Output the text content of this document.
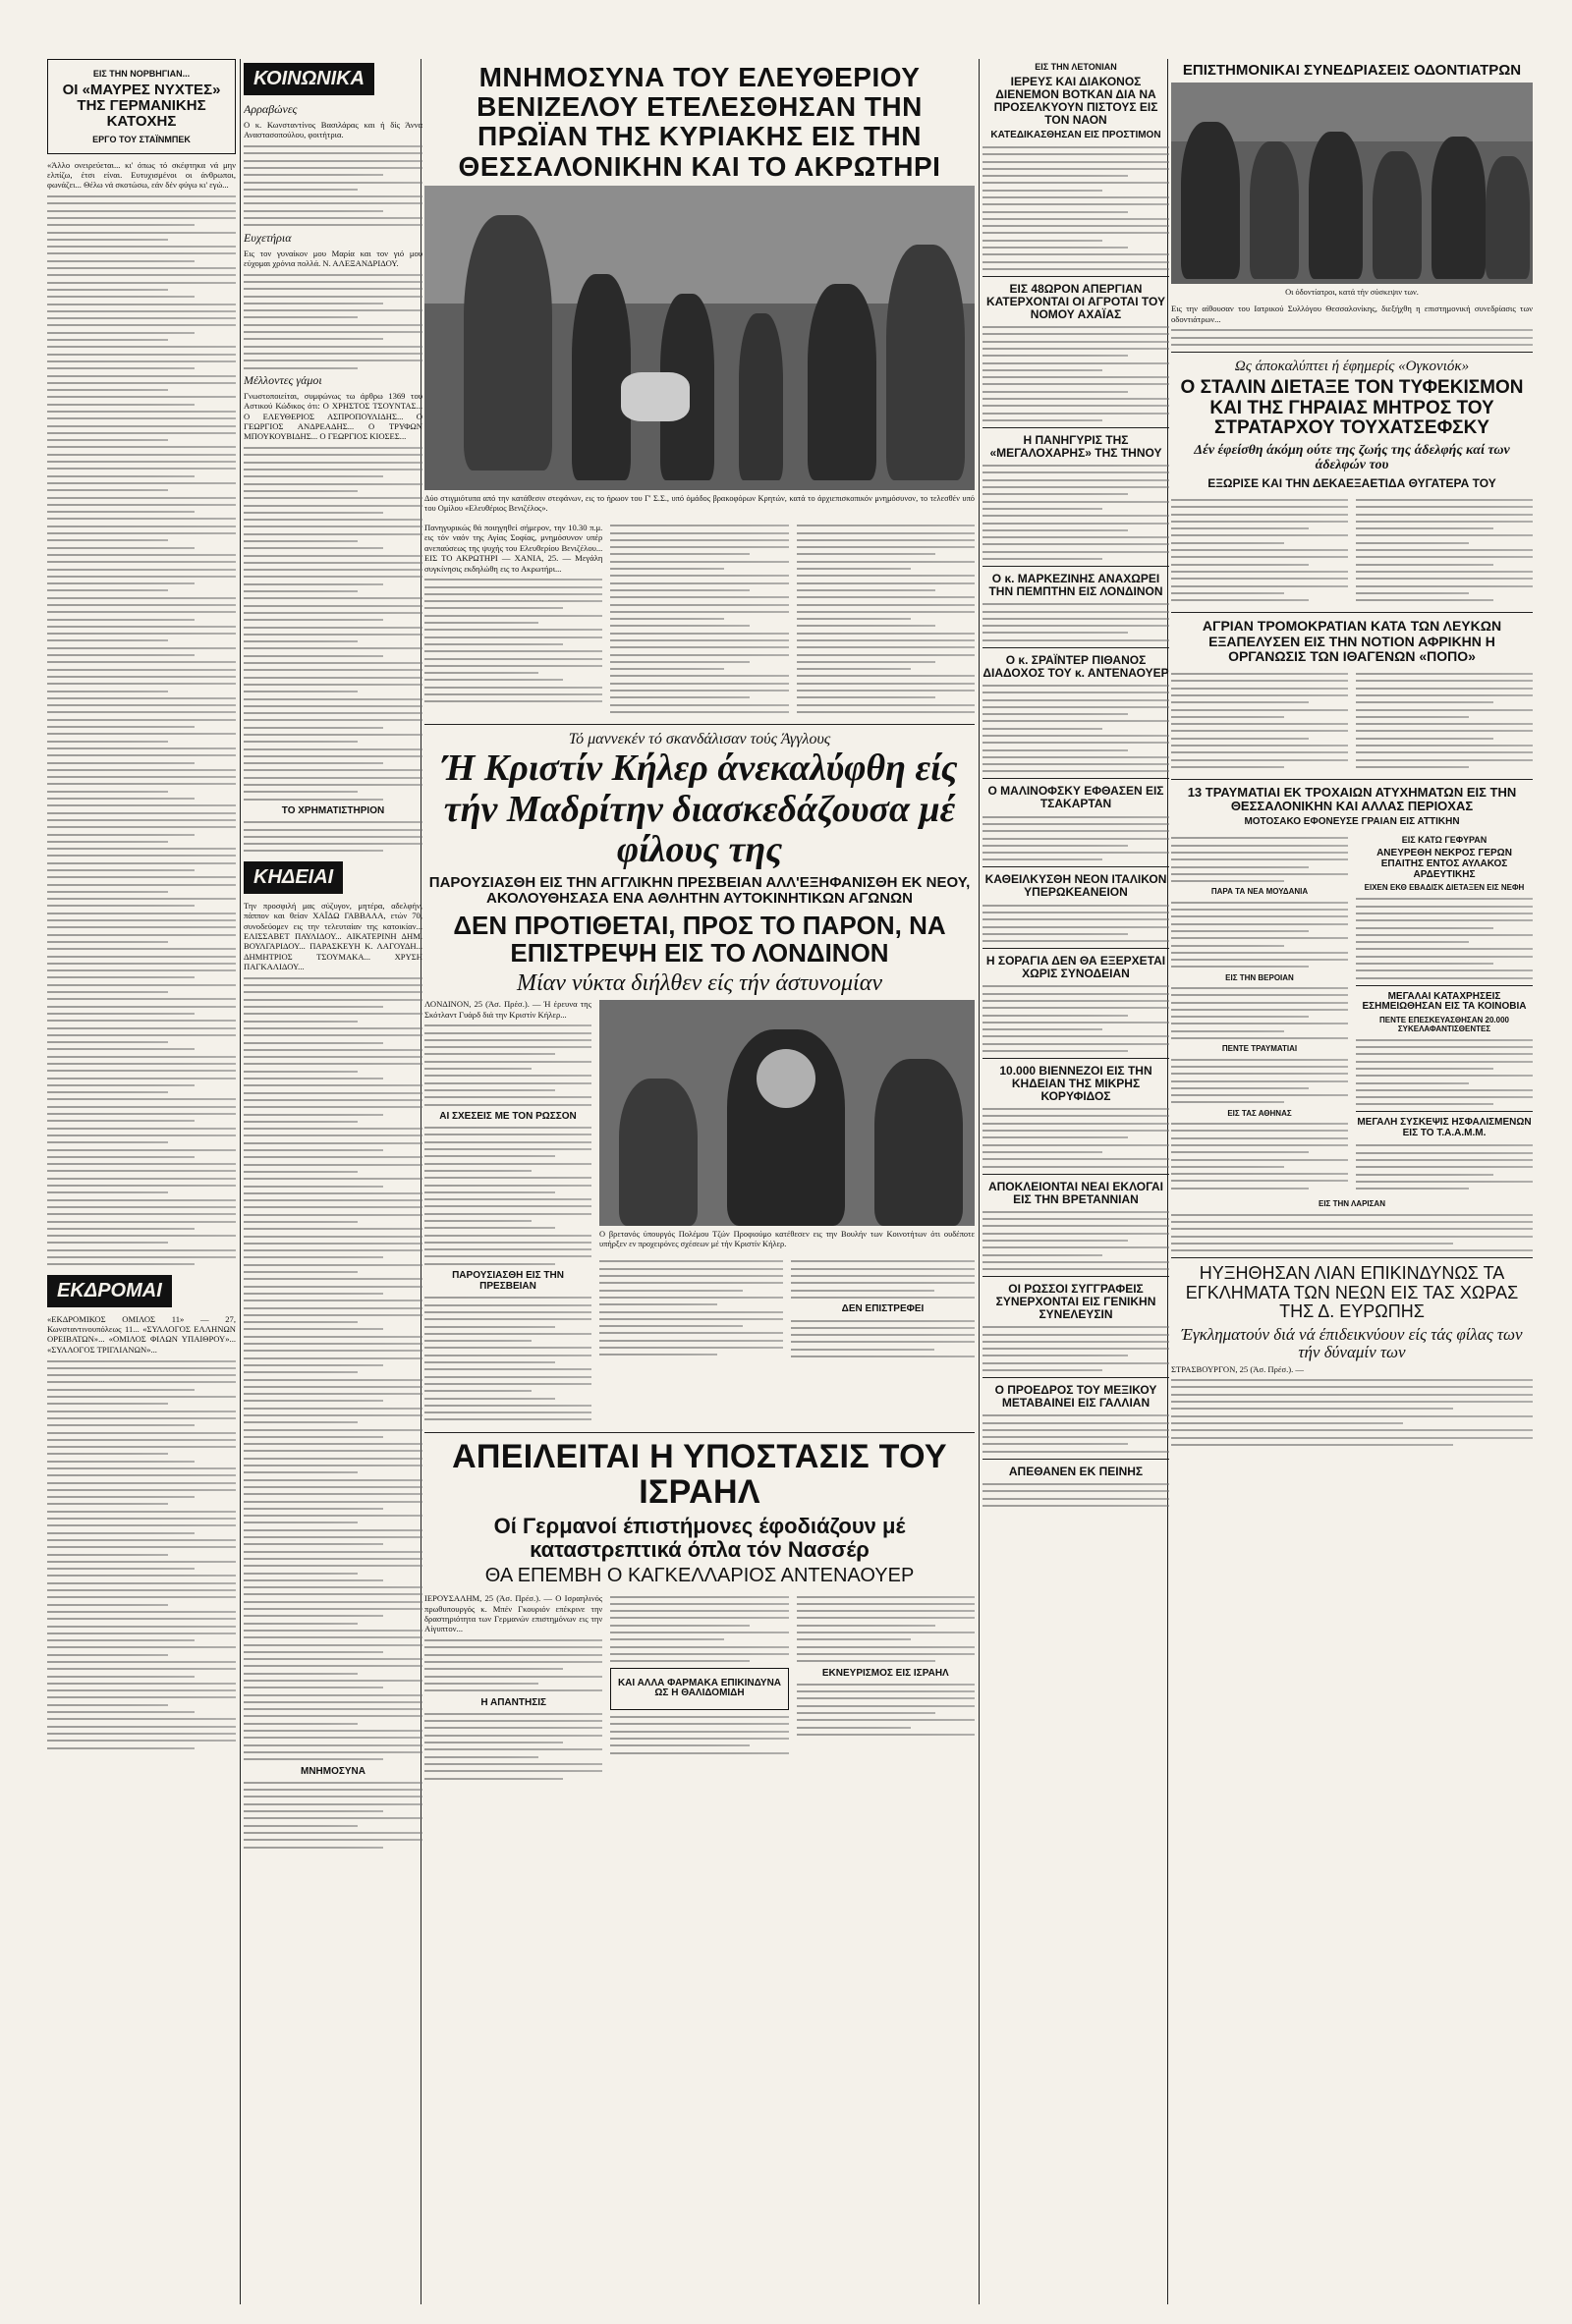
ΕΙΣ ΤΗΝ ΝΟΡΒΗΓΙΑΝ...
ΟΙ «ΜΑΥΡΕΣ ΝΥΧΤΕΣ» ΤΗΣ ΓΕΡΜΑΝΙΚΗΣ ΚΑΤΟΧΗΣ
ΕΡΓΟ ΤΟΥ ΣΤΑΪΝΜΠΕΚ
«Άλλο ονειρεύεται... κι' όπως τό σκέφτηκα νά μην ελπίζω, έτσι είναι. Ευτυχισμένοι οι άνθρωποι, φωνάζει... Θέλω νά σκοτώσω, εάν δέν φύγω κι' εγώ...
ΕΚΔΡΟΜΑΙ
«ΕΚΔΡΟΜΙΚΟΣ ΟΜΙΛΟΣ 11» — 27, Κωνσταντινουπόλεως 11... «ΣΥΛΛΟΓΟΣ ΕΛΛΗΝΩΝ ΟΡΕΙΒΑΤΩΝ»... «ΟΜΙΛΟΣ ΦΙΛΩΝ ΥΠΑΙΘΡΟΥ»... «ΣΥΛΛΟΓΟΣ ΤΡΙΓΛΙΑΝΩΝ»...
ΚΟΙΝΩΝΙΚΑ
Αρραβώνες
Ο κ. Κωνσταντίνος Βασιλάρας και ή δίς Άννα Αναστασοπούλου, φοιτήτρια.
Ευχετήρια
Εις τον γυναίκον μου Μαρία και τον γιό μου εύχομαι χρόνια πολλά. Ν. ΑΛΕΞΑΝΔΡΙΔΟΥ.
Μέλλοντες γάμοι
Γνωστοποιείται, συμφώνως τω άρθρω 1369 του Αστικού Κώδικος ότι: Ο ΧΡΗΣΤΟΣ ΤΣΟΥΝΤΑΣ... Ο ΕΛΕΥΘΕΡΙΟΣ ΑΣΠΡΟΠΟΥΛΙΔΗΣ... Ο ΓΕΩΡΓΙΟΣ ΑΝΔΡΕΑΔΗΣ... Ο ΤΡΥΦΩΝ ΜΠΟΥΚΟΥΒΙΔΗΣ... Ο ΓΕΩΡΓΙΟΣ ΚΙΟΣΕΣ...
ΤΟ ΧΡΗΜΑΤΙΣΤΗΡΙΟΝ
ΚΗΔΕΙΑΙ
Την προσφιλή μας σύζυγον, μητέρα, αδελφήν, πάππον και θείαν ΧΑΪΔΩ ΓΑΒΒΑΛΑ, ετών 70, συνοδεύομεν εις την τελευταίαν της κατοικίαν... ΕΛΙΣΣΑΒΕΤ ΠΑΥΛΙΔΟΥ... ΑΙΚΑΤΕΡΙΝΗ ΔΗΜ. ΒΟΥΛΓΑΡΙΔΟΥ... ΠΑΡΑΣΚΕΥΗ Κ. ΛΑΓΟΥΔΗ... ΔΗΜΗΤΡΙΟΣ ΤΣΟΥΜΑΚΑ... ΧΡΥΣΗ ΠΑΓΚΑΛΙΔΟΥ...
ΜΝΗΜΟΣΥΝΑ
ΜΝΗΜΟΣΥΝΑ ΤΟΥ ΕΛΕΥΘΕΡΙΟΥ ΒΕΝΙΖΕΛΟΥ ΕΤΕΛΕΣΘΗΣΑΝ ΤΗΝ ΠΡΩΪΑΝ ΤΗΣ ΚΥΡΙΑΚΗΣ ΕΙΣ ΤΗΝ ΘΕΣΣΑΛΟΝΙΚΗΝ ΚΑΙ ΤΟ ΑΚΡΩΤΗΡΙ
Δύο στιγμιότυπα από την κατάθεσιν στεφάνων, εις το ήρωον του Γ' Σ.Σ., υπό όμάδος βρακοφόρων Κρητών, κατά το άρχιεπισκοπικόν μνημόσυνον, το τελεσθέν υπό του Ομίλου «Ελευθέριος Βενιζέλος».
Πανηγυρικώς θά ποιηγηθεί σήμερον, την 10.30 π.μ. εις τόν ναόν της Αγίας Σοφίας, μνημόσυνον υπέρ ανεπαύσεως της ψυχής του Ελευθερίου Βενιζέλου... ΕΙΣ ΤΟ ΑΚΡΩΤΗΡΙ — ΧΑΝΙΑ, 25. — Μεγάλη συγκίνησις εκδηλώθη εις το Ακρωτήρι...
Τό μαννεκέν τό σκανδάλισαν τούς Άγγλους
Ή Κριστίν Κήλερ άνεκαλύφθη είς τήν Μαδρίτην διασκεδάζουσα μέ φίλους της
ΠΑΡΟΥΣΙΑΣΘΗ ΕΙΣ ΤΗΝ ΑΓΓΛΙΚΗΝ ΠΡΕΣΒΕΙΑΝ ΑΛΛ'ΕΞΗΦΑΝΙΣΘΗ ΕΚ ΝΕΟΥ, ΑΚΟΛΟΥΘΗΣΑΣΑ ΕΝΑ ΑΘΛΗΤΗΝ ΑΥΤΟΚΙΝΗΤΙΚΩΝ ΑΓΩΝΩΝ
ΔΕΝ ΠΡΟΤΙΘΕΤΑΙ, ΠΡΟΣ ΤΟ ΠΑΡΟΝ, ΝΑ ΕΠΙΣΤΡΕΨΗ ΕΙΣ ΤΟ ΛΟΝΔΙΝΟΝ
Μίαν νύκτα διήλθεν είς τήν άστυνομίαν
ΛΟΝΔΙΝΟΝ, 25 (Άσ. Πρέσ.). — Ή έρευνα της Σκότλαντ Γυάρδ διά την Κριστίν Κήλερ...
ΑΙ ΣΧΕΣΕΙΣ ΜΕ ΤΟΝ ΡΩΣΣΟΝ
ΠΑΡΟΥΣΙΑΣΘΗ ΕΙΣ ΤΗΝ ΠΡΕΣΒΕΙΑΝ
Ο βρετανός ύπουργός Πολέμου Τζών Προφιούμο κατέθεσεν εις την Βουλήν των Κοινοτήτων ότι ουδέποτε υπήρξεν εν προχειρόνες σχέσεων μέ τήν Κριστίν Κήλερ.
ΔΕΝ ΕΠΙΣΤΡΕΦΕΙ
ΑΠΕΙΛΕΙΤΑΙ Η ΥΠΟΣΤΑΣΙΣ ΤΟΥ ΙΣΡΑΗΛ
Οί Γερμανοί έπιστήμονες έφοδιάζουν μέ καταστρεπτικά όπλα τόν Νασσέρ
ΘΑ ΕΠΕΜΒΗ Ο ΚΑΓΚΕΛΛΑΡΙΟΣ ΑΝΤΕΝΑΟΥΕΡ
ΙΕΡΟΥΣΑΛΗΜ, 25 (Άσ. Πρέσ.). — Ο Ισραηλινός πρωθυπουργός κ. Μπέν Γκουριόν επέκρινε την δραστηριότητα των Γερμανών επιστημόνων εις την Αίγυπτον...
Η ΑΠΑΝΤΗΣΙΣ
ΚΑΙ ΑΛΛΑ ΦΑΡΜΑΚΑ ΕΠΙΚΙΝΔΥΝΑ ΩΣ Η ΘΑΛΙΔΟΜΙΔΗ
ΕΚΝΕΥΡΙΣΜΟΣ ΕΙΣ ΙΣΡΑΗΛ
ΕΙΣ ΤΗΝ ΛΕΤΟΝΙΑΝ
ΙΕΡΕΥΣ ΚΑΙ ΔΙΑΚΟΝΟΣ ΔΙΕΝΕΜΟΝ ΒΟΤΚΑΝ ΔΙΑ ΝΑ ΠΡΟΣΕΛΚΥΟΥΝ ΠΙΣΤΟΥΣ ΕΙΣ ΤΟΝ ΝΑΟΝ
ΚΑΤΕΔΙΚΑΣΘΗΣΑΝ ΕΙΣ ΠΡΟΣΤΙΜΟΝ
ΕΙΣ 48ΩΡΟΝ ΑΠΕΡΓΙΑΝ ΚΑΤΕΡΧΟΝΤΑΙ ΟΙ ΑΓΡΟΤΑΙ ΤΟΥ ΝΟΜΟΥ ΑΧΑΪΑΣ
Η ΠΑΝΗΓΥΡΙΣ ΤΗΣ «ΜΕΓΑΛΟΧΑΡΗΣ» ΤΗΣ ΤΗΝΟΥ
Ο κ. ΜΑΡΚΕΖΙΝΗΣ ΑΝΑΧΩΡΕΙ ΤΗΝ ΠΕΜΠΤΗΝ ΕΙΣ ΛΟΝΔΙΝΟΝ
Ο κ. ΣΡΑΪΝΤΕΡ ΠΙΘΑΝΟΣ ΔΙΑΔΟΧΟΣ ΤΟΥ κ. ΑΝΤΕΝΑΟΥΕΡ
Ο ΜΑΛΙΝΟΦΣΚΥ ΕΦΘΑΣΕΝ ΕΙΣ ΤΣΑΚΑΡΤΑΝ
ΚΑΘΕΙΛΚΥΣΘΗ ΝΕΟΝ ΙΤΑΛΙΚΟΝ ΥΠΕΡΩΚΕΑΝΕΙΟΝ
Η ΣΟΡΑΓΙΑ ΔΕΝ ΘΑ ΕΞΕΡΧΕΤΑΙ ΧΩΡΙΣ ΣΥΝΟΔΕΙΑΝ
10.000 ΒΙΕΝΝΕΖΟΙ ΕΙΣ ΤΗΝ ΚΗΔΕΙΑΝ ΤΗΣ ΜΙΚΡΗΣ ΚΟΡΥΦΙΔΟΣ
ΑΠΟΚΛΕΙΟΝΤΑΙ ΝΕΑΙ ΕΚΛΟΓΑΙ ΕΙΣ ΤΗΝ ΒΡΕΤΑΝΝΙΑΝ
ΟΙ ΡΩΣΣΟΙ ΣΥΓΓΡΑΦΕΙΣ ΣΥΝΕΡΧΟΝΤΑΙ ΕΙΣ ΓΕΝΙΚΗΝ ΣΥΝΕΛΕΥΣΙΝ
Ο ΠΡΟΕΔΡΟΣ ΤΟΥ ΜΕΞΙΚΟΥ ΜΕΤΑΒΑΙΝΕΙ ΕΙΣ ΓΑΛΛΙΑΝ
ΑΠΕΘΑΝΕΝ ΕΚ ΠΕΙΝΗΣ
ΕΠΙΣΤΗΜΟΝΙΚΑΙ ΣΥΝΕΔΡΙΑΣΕΙΣ ΟΔΟΝΤΙΑΤΡΩΝ
Οι όδοντίατροι, κατά τήν σύσκεψιν των.
Εις την αίθουσαν του Ιατρικού Συλλόγου Θεσσαλονίκης, διεξήχθη η επιστημονική συνεδρίασις των οδοντιάτρων...
Ως άποκαλύπτει ή έφημερίς «Ογκονιόκ»
Ο ΣΤΑΛΙΝ ΔΙΕΤΑΞΕ ΤΟΝ ΤΥΦΕΚΙΣΜΟΝ ΚΑΙ ΤΗΣ ΓΗΡΑΙΑΣ ΜΗΤΡΟΣ ΤΟΥ ΣΤΡΑΤΑΡΧΟΥ ΤΟΥΧΑΤΣΕΦΣΚΥ
Δέν έφείσθη άκόμη ούτε της ζωής της άδελφής καί των άδελφών του
ΕΞΩΡΙΣΕ ΚΑΙ ΤΗΝ ΔΕΚΑΕΞΑΕΤΙΔΑ ΘΥΓΑΤΕΡΑ ΤΟΥ
ΑΓΡΙΑΝ ΤΡΟΜΟΚΡΑΤΙΑΝ ΚΑΤΑ ΤΩΝ ΛΕΥΚΩΝ ΕΞΑΠΕΛΥΣΕΝ ΕΙΣ ΤΗΝ ΝΟΤΙΟΝ ΑΦΡΙΚΗΝ Η ΟΡΓΑΝΩΣΙΣ ΤΩΝ ΙΘΑΓΕΝΩΝ «ΠΟΠΟ»
13 ΤΡΑΥΜΑΤΙΑΙ ΕΚ ΤΡΟΧΑΙΩΝ ΑΤΥΧΗΜΑΤΩΝ ΕΙΣ ΤΗΝ ΘΕΣΣΑΛΟΝΙΚΗΝ ΚΑΙ ΑΛΛΑΣ ΠΕΡΙΟΧΑΣ
ΜΟΤΟΣΑΚΟ ΕΦΟΝΕΥΣΕ ΓΡΑΙΑΝ ΕΙΣ ΑΤΤΙΚΗΝ
ΠΑΡΑ ΤΑ ΝΕΑ ΜΟΥΔΑΝΙΑ
ΕΙΣ ΤΗΝ ΒΕΡΟΙΑΝ
ΠΕΝΤΕ ΤΡΑΥΜΑΤΙΑΙ
ΕΙΣ ΤΑΣ ΑΘΗΝΑΣ
ΕΙΣ ΚΑΤΩ ΓΕΦΥΡΑΝ
ΑΝΕΥΡΕΘΗ ΝΕΚΡΟΣ ΓΕΡΩΝ ΕΠΑΙΤΗΣ ΕΝΤΟΣ ΑΥΛΑΚΟΣ ΑΡΔΕΥΤΙΚΗΣ
ΕΙΧΕΝ ΕΚΘ ΕΒΑΔΙΣΚ ΔΙΕΤΑΞΕΝ ΕΙΣ ΝΕΦΗ
ΜΕΓΑΛΑΙ ΚΑΤΑΧΡΗΣΕΙΣ ΕΣΗΜΕΙΩΘΗΣΑΝ ΕΙΣ ΤΑ ΚΟΙΝΟΒΙΑ
ΠΕΝΤΕ ΕΠΕΣΚΕΥΑΣΘΗΣΑΝ 20.000 ΣΥΚΕΛΑΦΑΝΤΙΣΘΕΝΤΕΣ
ΜΕΓΑΛΗ ΣΥΣΚΕΨΙΣ ΗΣΦΑΛΙΣΜΕΝΩΝ ΕΙΣ ΤΟ Τ.Α.Α.Μ.Μ.
ΕΙΣ ΤΗΝ ΛΑΡΙΣΑΝ
ΗΥΞΗΘΗΣΑΝ ΛΙΑΝ ΕΠΙΚΙΝΔΥΝΩΣ ΤΑ ΕΓΚΛΗΜΑΤΑ ΤΩΝ ΝΕΩΝ ΕΙΣ ΤΑΣ ΧΩΡΑΣ ΤΗΣ Δ. ΕΥΡΩΠΗΣ
Έγκληματούν διά νά έπιδεικνύουν είς τάς φίλας των τήν δύναμίν των
ΣΤΡΑΣΒΟΥΡΓΟΝ, 25 (Άσ. Πρέσ.). —
